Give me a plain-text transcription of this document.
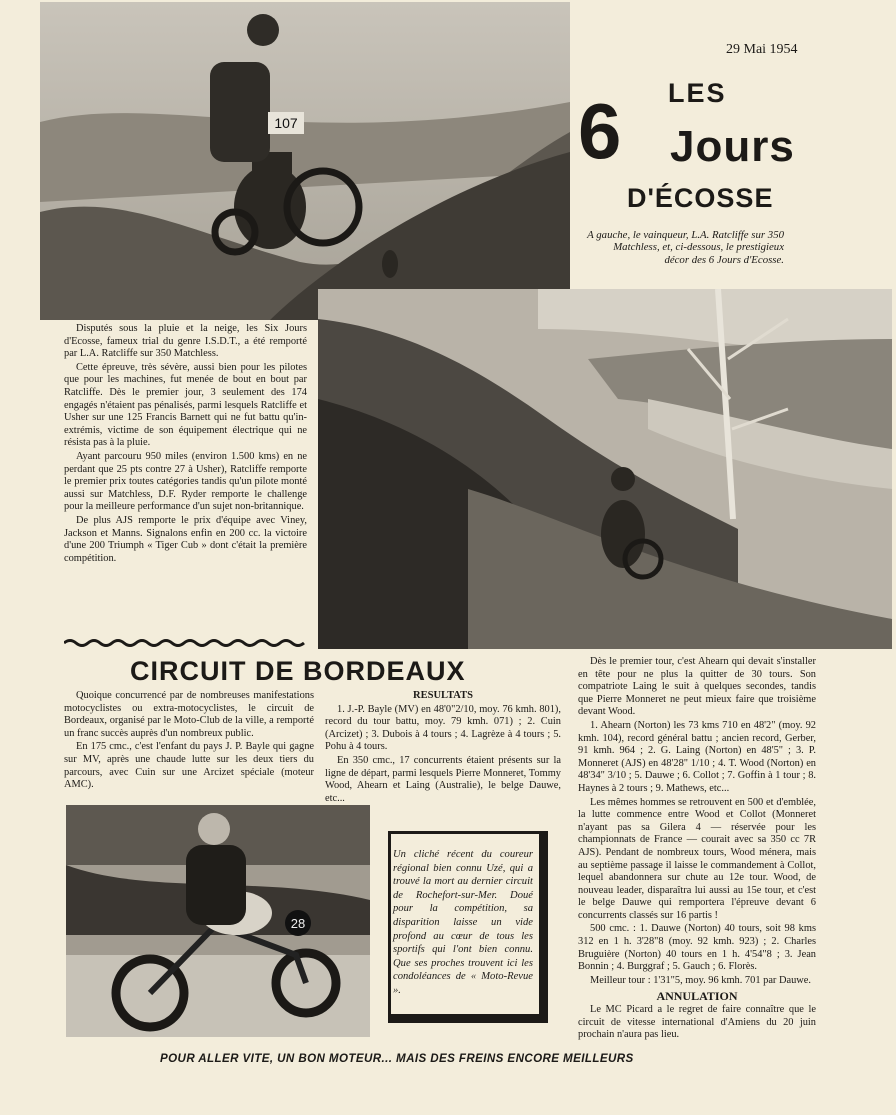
29 Mai 1954
107
LES
6 Jours
D'ÉCOSSE
A gauche, le vainqueur, L.A. Ratcliffe sur 350 Matchless, et, ci-dessous, le prestigieux décor des 6 Jours d'Ecosse.

Disputés sous la pluie et la neige, les Six Jours d'Ecosse, fameux trial du genre I.S.D.T., a été remporté par L.A. Ratcliffe sur 350 Matchless.

Cette épreuve, très sévère, aussi bien pour les pilotes que pour les machines, fut menée de bout en bout par Ratcliffe. Dès le premier jour, 3 seulement des 174 engagés n'étaient pas pénalisés, parmi lesquels Ratcliffe et Usher sur une 125 Francis Barnett qui ne fut battu qu'in-extrémis, victime de son équipement électrique qui ne résista pas à la pluie.

Ayant parcouru 950 miles (environ 1.500 kms) en ne perdant que 25 pts contre 27 à Usher), Ratcliffe remporte le premier prix toutes catégories tandis qu'un pilote monté aussi sur Matchless, D.F. Ryder remporte le challenge pour la meilleure performance d'un sujet non-britannique.

De plus AJS remporte le prix d'équipe avec Viney, Jackson et Manns. Signalons enfin en 200 cc. la victoire d'une 200 Triumph « Tiger Cub » dont c'était la première compétition.

CIRCUIT DE BORDEAUX

Quoique concurrencé par de nombreuses manifestations motocyclistes ou extra-motocyclistes, le circuit de Bordeaux, organisé par le Moto-Club de la ville, a remporté un franc succès auprès d'un nombreux public.

En 175 cmc., c'est l'enfant du pays J. P. Bayle qui gagne sur MV, après une chaude lutte sur les deux tiers du parcours, avec Cuin sur une Arcizet spéciale (moteur AMC).

RESULTATS

1. J.-P. Bayle (MV) en 48'0"2/10, moy. 76 kmh. 801), record du tour battu, moy. 79 kmh. 071) ; 2. Cuin (Arcizet) ; 3. Dubois à 4 tours ; 4. Lagrèze à 4 tours ; 5. Pohu à 4 tours.

En 350 cmc., 17 concurrents étaient présents sur la ligne de départ, parmi lesquels Pierre Monneret, Tommy Wood, Ahearn et Laing (Australie), le belge Dauwe, etc...

Dès le premier tour, c'est Ahearn qui devait s'installer en tête pour ne plus la quitter de 30 tours. Son compatriote Laing le suit à quelques secondes, tandis que Pierre Monneret ne peut mieux faire que troisième devant Wood.

1. Ahearn (Norton) les 73 kms 710 en 48'2" (moy. 92 kmh. 104), record général battu ; ancien record, Gerber, 91 kmh. 964 ; 2. G. Laing (Norton) en 48'5" ; 3. P. Monneret (AJS) en 48'28" 1/10 ; 4. T. Wood (Norton) en 48'34" 3/10 ; 5. Dauwe ; 6. Collot ; 7. Goffin à 1 tour ; 8. Haynes à 2 tours ; 9. Mathews, etc...

Les mêmes hommes se retrouvent en 500 et d'emblée, la lutte commence entre Wood et Collot (Monneret n'ayant pas sa Gilera 4 — réservée pour les championnats de France — courait avec sa 350 cc 7R AJS). Pendant de nombreux tours, Wood ménera, mais au septième passage il laisse le commandement à Collot, lequel abandonnera sur chute au 12e tour. Wood, de nouveau leader, disparaîtra lui aussi au 15e tour, et c'est le belge Dauwe qui remportera l'épreuve devant 6 concurrents classés sur 16 partis !

500 cmc. : 1. Dauwe (Norton) 40 tours, soit 98 kms 312 en 1 h. 3'28"8 (moy. 92 kmh. 923) ; 2. Charles Bruguière (Norton) 40 tours en 1 h. 4'54"8 ; 3. Jean Bonnin ; 4. Burggraf ; 5. Gauch ; 6. Florès.

Meilleur tour : 1'31"5, moy. 96 kmh. 701 par Dauwe.

ANNULATION

Le MC Picard a le regret de faire connaître que le circuit de vitesse international d'Amiens du 20 juin prochain n'aura pas lieu.

28
Un cliché récent du coureur régional bien connu Uzé, qui a trouvé la mort au dernier circuit de Rochefort-sur-Mer. Doué pour la compétition, sa disparition laisse un vide profond au cœur de tous les sportifs qui l'ont bien connu. Que ses proches trouvent ici les condoléances de « Moto-Revue ».
POUR ALLER VITE, UN BON MOTEUR... MAIS DES FREINS ENCORE MEILLEURS
